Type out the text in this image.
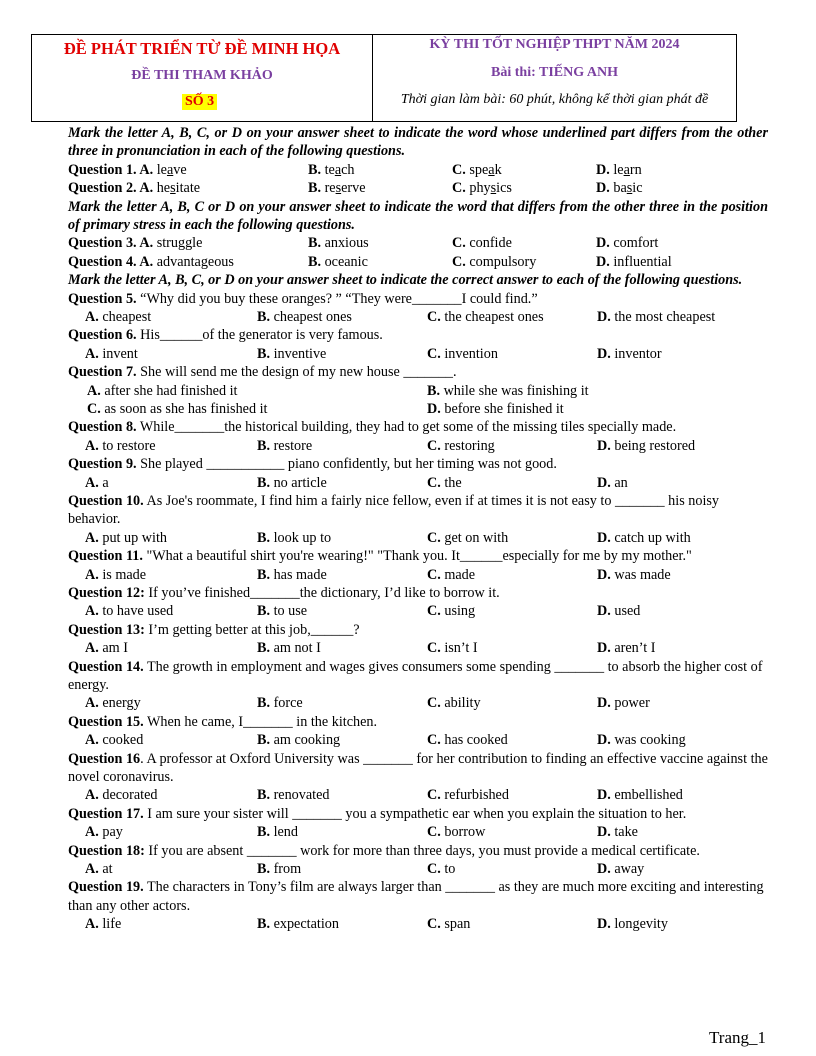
ĐỀ PHÁT TRIỂN TỪ ĐỀ MINH HỌA
ĐỀ THI THAM KHẢO
SỐ 3
KỲ THI TỐT NGHIỆP THPT NĂM 2024
Bài thi: TIẾNG ANH
Thời gian làm bài: 60 phút, không kể thời gian phát đề
Mark the letter A, B, C, or D on your answer sheet to indicate the word whose underlined part differs from the other three in pronunciation in each of the following questions.
Question 1. A. leave	B. teach	C. speak	D. learn
Question 2. A. hesitate	B. reserve	C. physics	D. basic
Mark the letter A, B, C or D on your answer sheet to indicate the word that differs from the other three in the position of primary stress in each the following questions.
Question 3. A. struggle	B. anxious	C. confide	D. comfort
Question 4. A. advantageous	B. oceanic	C. compulsory	D. influential
Mark the letter A, B, C, or D on your answer sheet to indicate the correct answer to each of the following questions.
Question 5. “Why did you buy these oranges? ” “They were_______I could find.”
A. cheapest	B. cheapest ones	C. the cheapest ones	D. the most cheapest
Question 6. His______of the generator is very famous.
A. invent	B. inventive	C. invention	D. inventor
Question 7. She will send me the design of my new house _______.
A. after she had finished it	B. while she was finishing it
C. as soon as she has finished it	D. before she finished it
Question 8. While_______the historical building, they had to get some of the missing tiles specially made.
A. to restore	B. restore	C. restoring	D. being restored
Question 9. She played ___________ piano confidently, but her timing was not good.
A. a	B. no article	C. the	D. an
Question 10. As Joe's roommate, I find him a fairly nice fellow, even if at times it is not easy to _______ his noisy behavior.
A. put up with	B. look up to	C. get on with	D. catch up with
Question 11. "What a beautiful shirt you're wearing!" "Thank you. It______especially for me by my mother."
A. is made	B. has made	C. made	D. was made
Question 12: If you’ve finished_______the dictionary, I’d like to borrow it.
A. to have used	B. to use	C. using	D. used
Question 13: I’m getting better at this job,______?
A. am I	B. am not I	C. isn’t I	D. aren’t I
Question 14. The growth in employment and wages gives consumers some spending _______ to absorb the higher cost of energy.
A. energy	B. force	C. ability	D. power
Question 15. When he came, I_______ in the kitchen.
A. cooked	B. am cooking	C. has cooked	D. was cooking
Question 16. A professor at Oxford University was _______ for her contribution to finding an effective vaccine against the novel coronavirus.
A. decorated	B. renovated	C. refurbished	D. embellished
Question 17. I am sure your sister will _______ you a sympathetic ear when you explain the situation to her.
A. pay	B. lend	C. borrow	D. take
Question 18: If you are absent _______ work for more than three days, you must provide a medical certificate.
A. at	B. from	C. to	D. away
Question 19. The characters in Tony’s film are always larger than _______ as they are much more exciting and interesting than any other actors.
A. life	B. expectation	C. span	D. longevity
Trang_1
